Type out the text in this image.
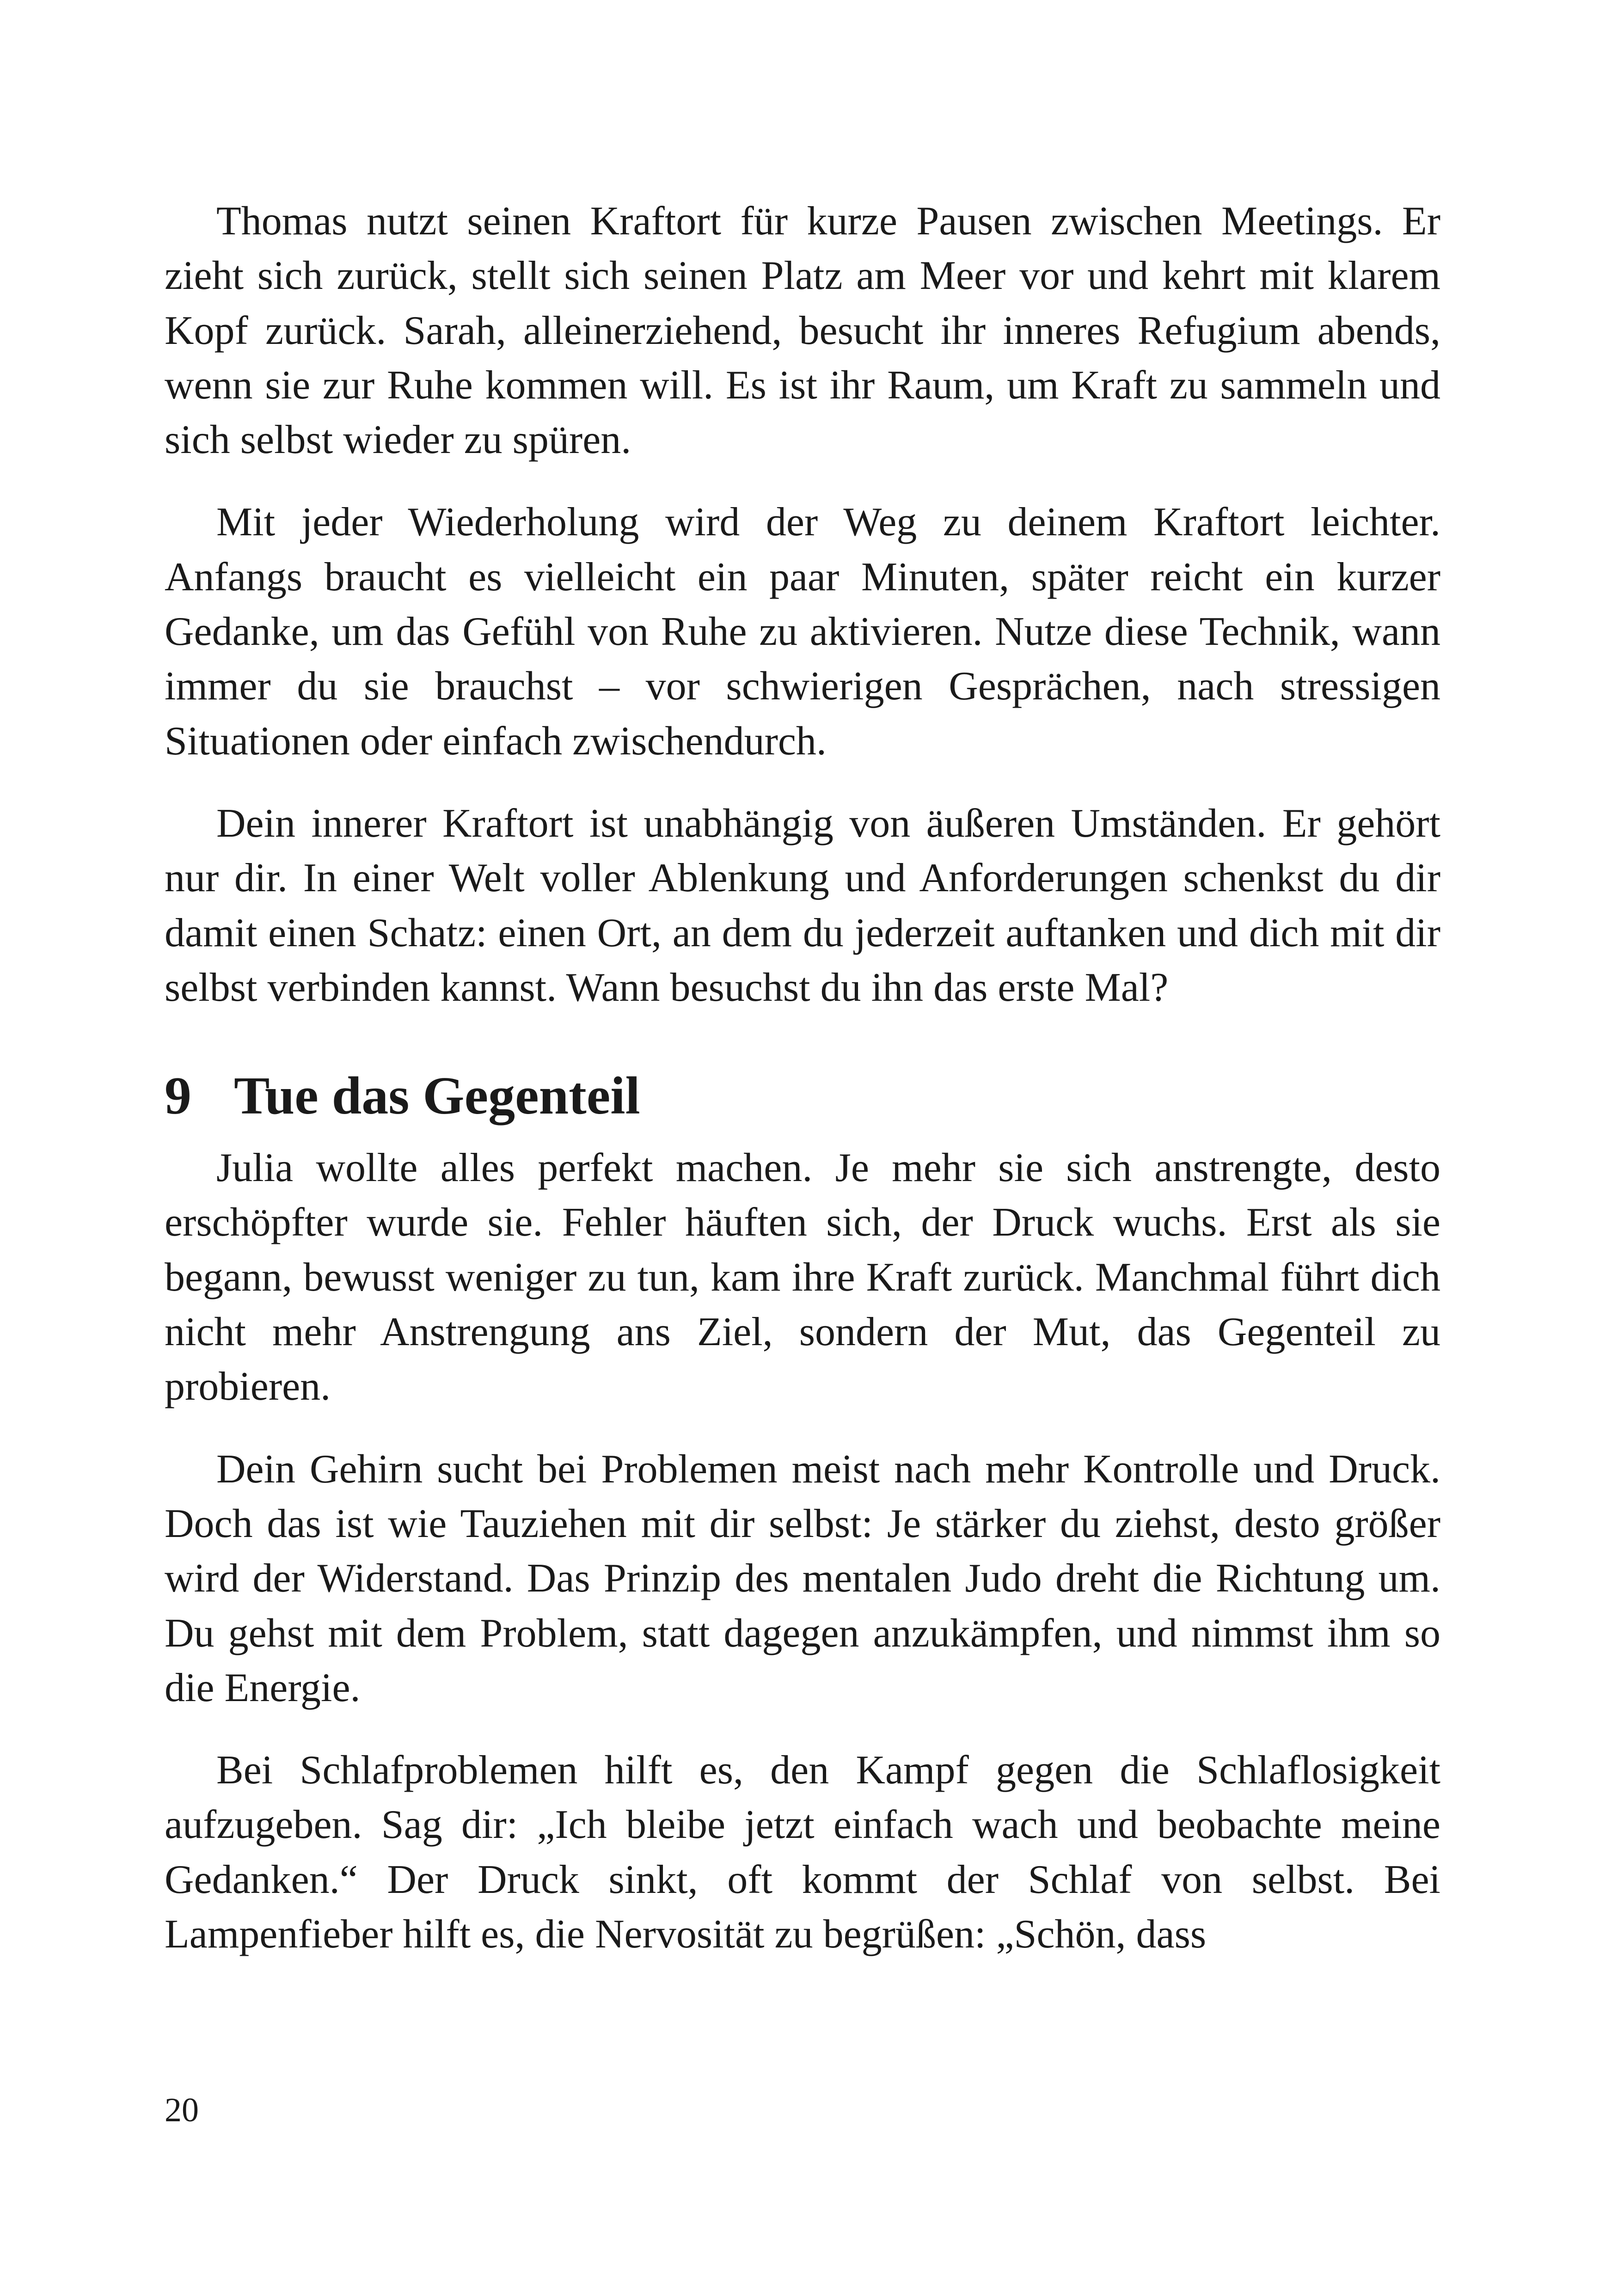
Thomas nutzt seinen Kraftort für kurze Pausen zwischen Meetings. Er zieht sich zurück, stellt sich seinen Platz am Meer vor und kehrt mit klarem Kopf zurück. Sarah, alleinerziehend, besucht ihr inneres Refugium abends, wenn sie zur Ruhe kommen will. Es ist ihr Raum, um Kraft zu sammeln und sich selbst wieder zu spüren.

Mit jeder Wiederholung wird der Weg zu deinem Kraftort leichter. Anfangs braucht es vielleicht ein paar Minuten, später reicht ein kurzer Gedanke, um das Gefühl von Ruhe zu aktivieren. Nutze diese Technik, wann immer du sie brauchst – vor schwierigen Gesprächen, nach stressigen Situationen oder einfach zwischendurch.

Dein innerer Kraftort ist unabhängig von äußeren Umständen. Er gehört nur dir. In einer Welt voller Ablenkung und Anforderungen schenkst du dir damit einen Schatz: einen Ort, an dem du jederzeit auftanken und dich mit dir selbst verbinden kannst. Wann besuchst du ihn das erste Mal?

9 Tue das Gegenteil

Julia wollte alles perfekt machen. Je mehr sie sich anstrengte, desto erschöpfter wurde sie. Fehler häuften sich, der Druck wuchs. Erst als sie begann, bewusst weniger zu tun, kam ihre Kraft zurück. Manchmal führt dich nicht mehr Anstrengung ans Ziel, sondern der Mut, das Gegenteil zu probieren.

Dein Gehirn sucht bei Problemen meist nach mehr Kontrolle und Druck. Doch das ist wie Tauziehen mit dir selbst: Je stärker du ziehst, desto größer wird der Widerstand. Das Prinzip des mentalen Judo dreht die Richtung um. Du gehst mit dem Problem, statt dagegen anzukämpfen, und nimmst ihm so die Energie.

Bei Schlafproblemen hilft es, den Kampf gegen die Schlaflosigkeit aufzugeben. Sag dir: „Ich bleibe jetzt einfach wach und beobachte meine Gedanken.“ Der Druck sinkt, oft kommt der Schlaf von selbst. Bei Lampenfieber hilft es, die Nervosität zu begrüßen: „Schön, dass

20
